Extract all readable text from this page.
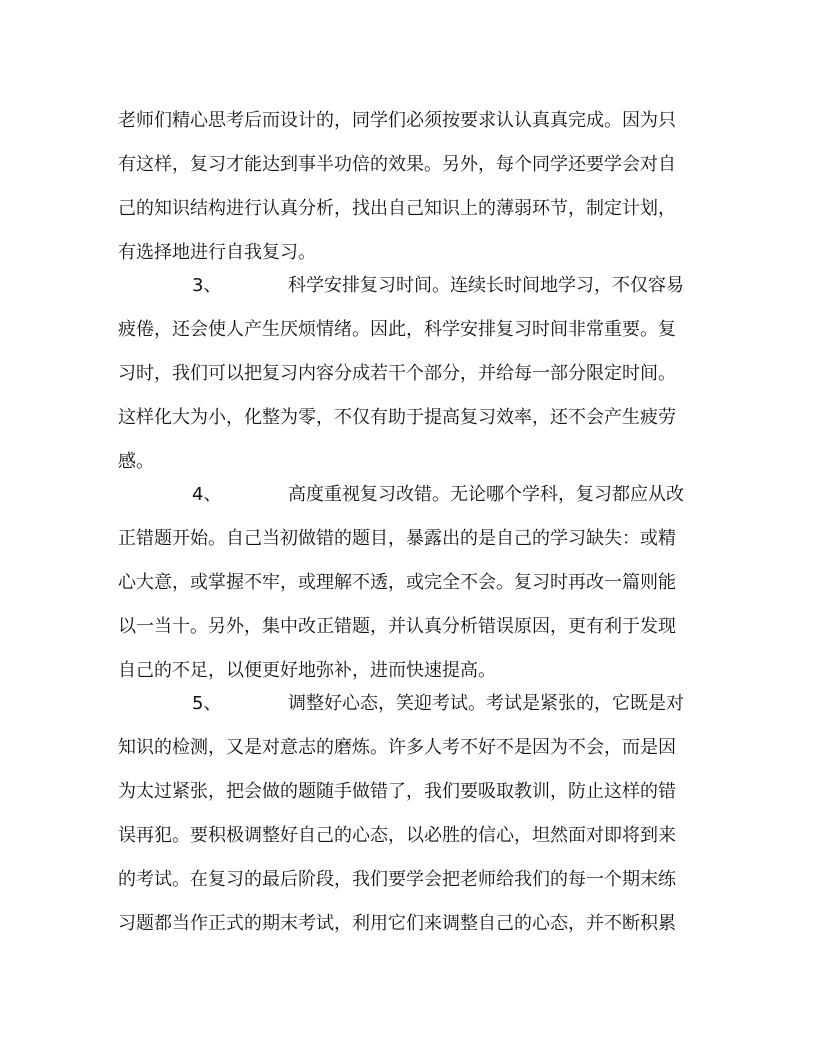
老师们精心思考后而设计的，同学们必须按要求认认真真完成。因为只
有这样，复习才能达到事半功倍的效果。另外，每个同学还要学会对自
己的知识结构进行认真分析，找出自己知识上的薄弱环节，制定计划，
有选择地进行自我复习。
3、	科学安排复习时间。连续长时间地学习，不仅容易
疲倦，还会使人产生厌烦情绪。因此，科学安排复习时间非常重要。复
习时，我们可以把复习内容分成若干个部分，并给每一部分限定时间。
这样化大为小，化整为零，不仅有助于提高复习效率，还不会产生疲劳
感。
4、	高度重视复习改错。无论哪个学科，复习都应从改
正错题开始。自己当初做错的题目，暴露出的是自己的学习缺失：或精
心大意，或掌握不牢，或理解不透，或完全不会。复习时再改一篇则能
以一当十。另外，集中改正错题，并认真分析错误原因，更有利于发现
自己的不足，以便更好地弥补，进而快速提高。
5、	调整好心态，笑迎考试。考试是紧张的，它既是对
知识的检测，又是对意志的磨炼。许多人考不好不是因为不会，而是因
为太过紧张，把会做的题随手做错了，我们要吸取教训，防止这样的错
误再犯。要积极调整好自己的心态，以必胜的信心，坦然面对即将到来
的考试。在复习的最后阶段，我们要学会把老师给我们的每一个期末练
习题都当作正式的期末考试，利用它们来调整自己的心态，并不断积累
